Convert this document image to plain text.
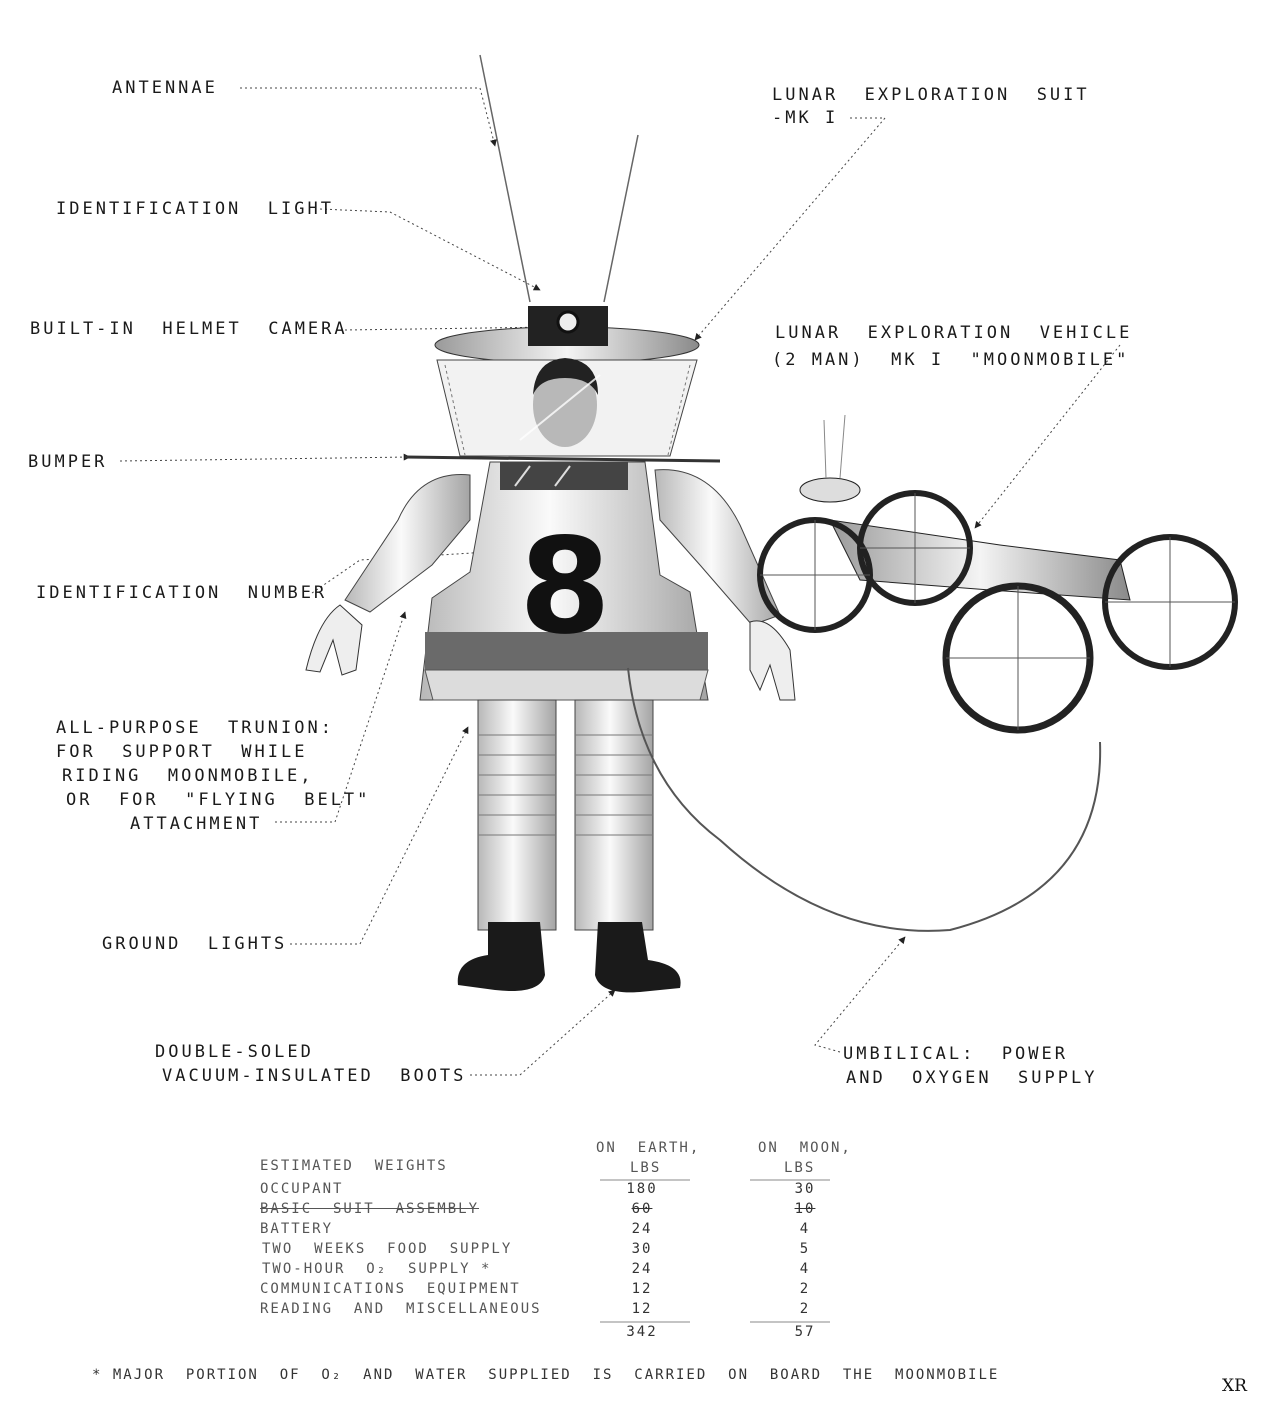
8
ANTENNAE
IDENTIFICATION  LIGHT
BUILT-IN  HELMET  CAMERA
BUMPER
IDENTIFICATION  NUMBER
ALL-PURPOSE  TRUNION:
FOR  SUPPORT  WHILE
RIDING  MOONMOBILE,
OR  FOR  "FLYING  BELT"
ATTACHMENT
GROUND  LIGHTS
DOUBLE-SOLED
VACUUM-INSULATED  BOOTS
LUNAR  EXPLORATION  SUIT
-MK I
LUNAR  EXPLORATION  VEHICLE
(2 MAN)  MK I  "MOONMOBILE"
UMBILICAL:  POWER
AND  OXYGEN  SUPPLY
ON  EARTH,
LBS
ON  MOON,
LBS
ESTIMATED  WEIGHTS
OCCUPANT	180	30
BASIC  SUIT  ASSEMBLY	60	10
BATTERY	24	4
TWO  WEEKS  FOOD  SUPPLY	30	5
TWO-HOUR  O₂  SUPPLY *	24	4
COMMUNICATIONS  EQUIPMENT	12	2
READING  AND  MISCELLANEOUS	12	2
342	57
* MAJOR  PORTION  OF  O₂  AND  WATER  SUPPLIED  IS  CARRIED  ON  BOARD  THE  MOONMOBILE
XR
